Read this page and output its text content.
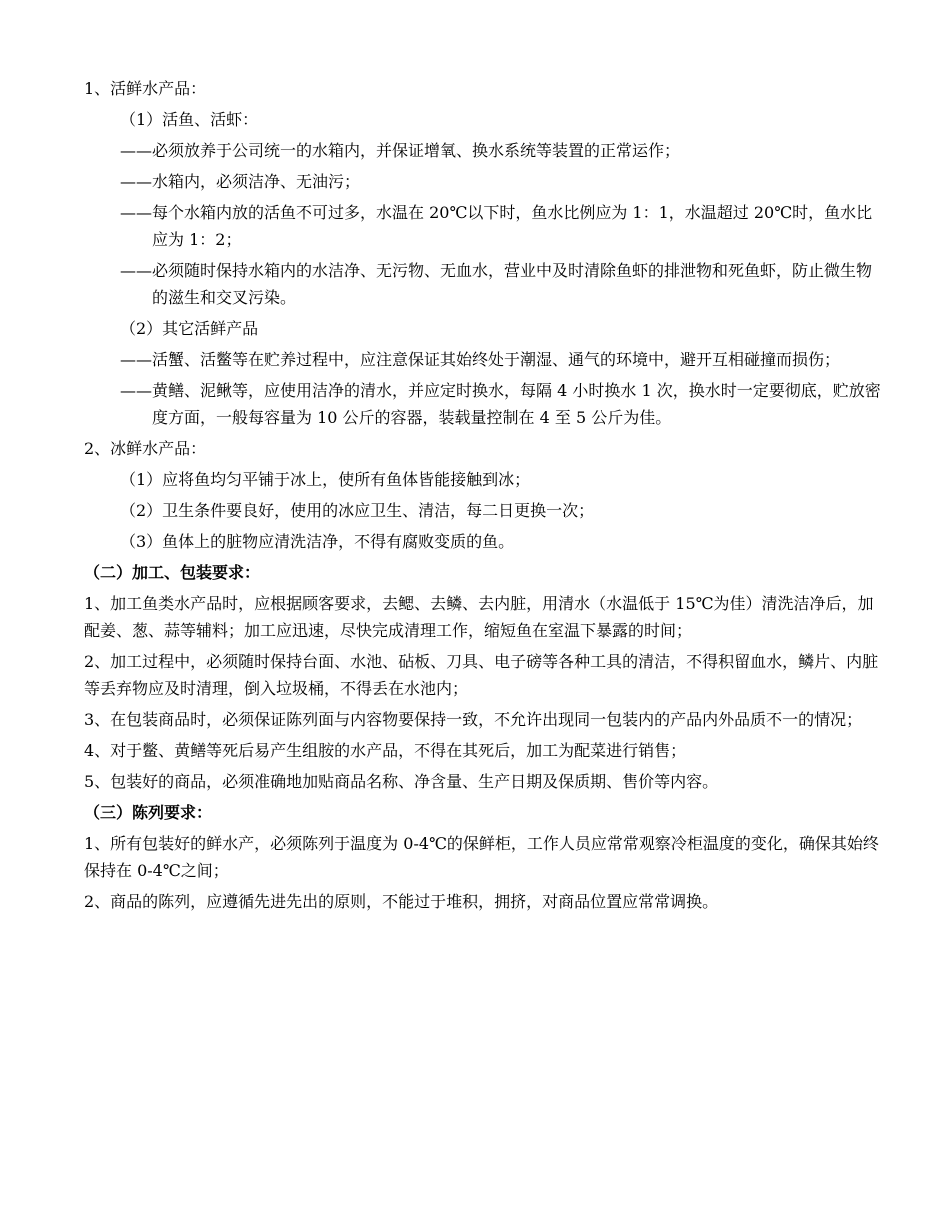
1、活鲜水产品：

（1）活鱼、活虾：

——必须放养于公司统一的水箱内，并保证增氧、换水系统等装置的正常运作；

——水箱内，必须洁净、无油污；

——每个水箱内放的活鱼不可过多，水温在 20℃以下时，鱼水比例应为 1：1，水温超过 20℃时，鱼水比应为 1：2；

——必须随时保持水箱内的水洁净、无污物、无血水，营业中及时清除鱼虾的排泄物和死鱼虾，防止微生物的滋生和交叉污染。

（2）其它活鲜产品

——活蟹、活鳖等在贮养过程中，应注意保证其始终处于潮湿、通气的环境中，避开互相碰撞而损伤；

——黄鳝、泥鳅等，应使用洁净的清水，并应定时换水，每隔 4 小时换水 1 次，换水时一定要彻底，贮放密度方面，一般每容量为 10 公斤的容器，装载量控制在 4 至 5 公斤为佳。

2、冰鲜水产品：

（1）应将鱼均匀平铺于冰上，使所有鱼体皆能接触到冰；

（2）卫生条件要良好，使用的冰应卫生、清洁，每二日更换一次；

（3）鱼体上的脏物应清洗洁净，不得有腐败变质的鱼。

（二）加工、包装要求：

1、加工鱼类水产品时，应根据顾客要求，去鳃、去鳞、去内脏，用清水（水温低于 15℃为佳）清洗洁净后，加配姜、葱、蒜等辅料；加工应迅速，尽快完成清理工作，缩短鱼在室温下暴露的时间；

2、加工过程中，必须随时保持台面、水池、砧板、刀具、电子磅等各种工具的清洁，不得积留血水，鳞片、内脏等丢弃物应及时清理，倒入垃圾桶，不得丢在水池内；

3、在包装商品时，必须保证陈列面与内容物要保持一致，不允许出现同一包装内的产品内外品质不一的情况；

4、对于鳖、黄鳝等死后易产生组胺的水产品，不得在其死后，加工为配菜进行销售；

5、包装好的商品，必须准确地加贴商品名称、净含量、生产日期及保质期、售价等内容。

（三）陈列要求：

1、所有包装好的鲜水产，必须陈列于温度为 0-4℃的保鲜柜，工作人员应常常观察冷柜温度的变化，确保其始终保持在 0-4℃之间；

2、商品的陈列，应遵循先进先出的原则，不能过于堆积，拥挤，对商品位置应常常调换。
